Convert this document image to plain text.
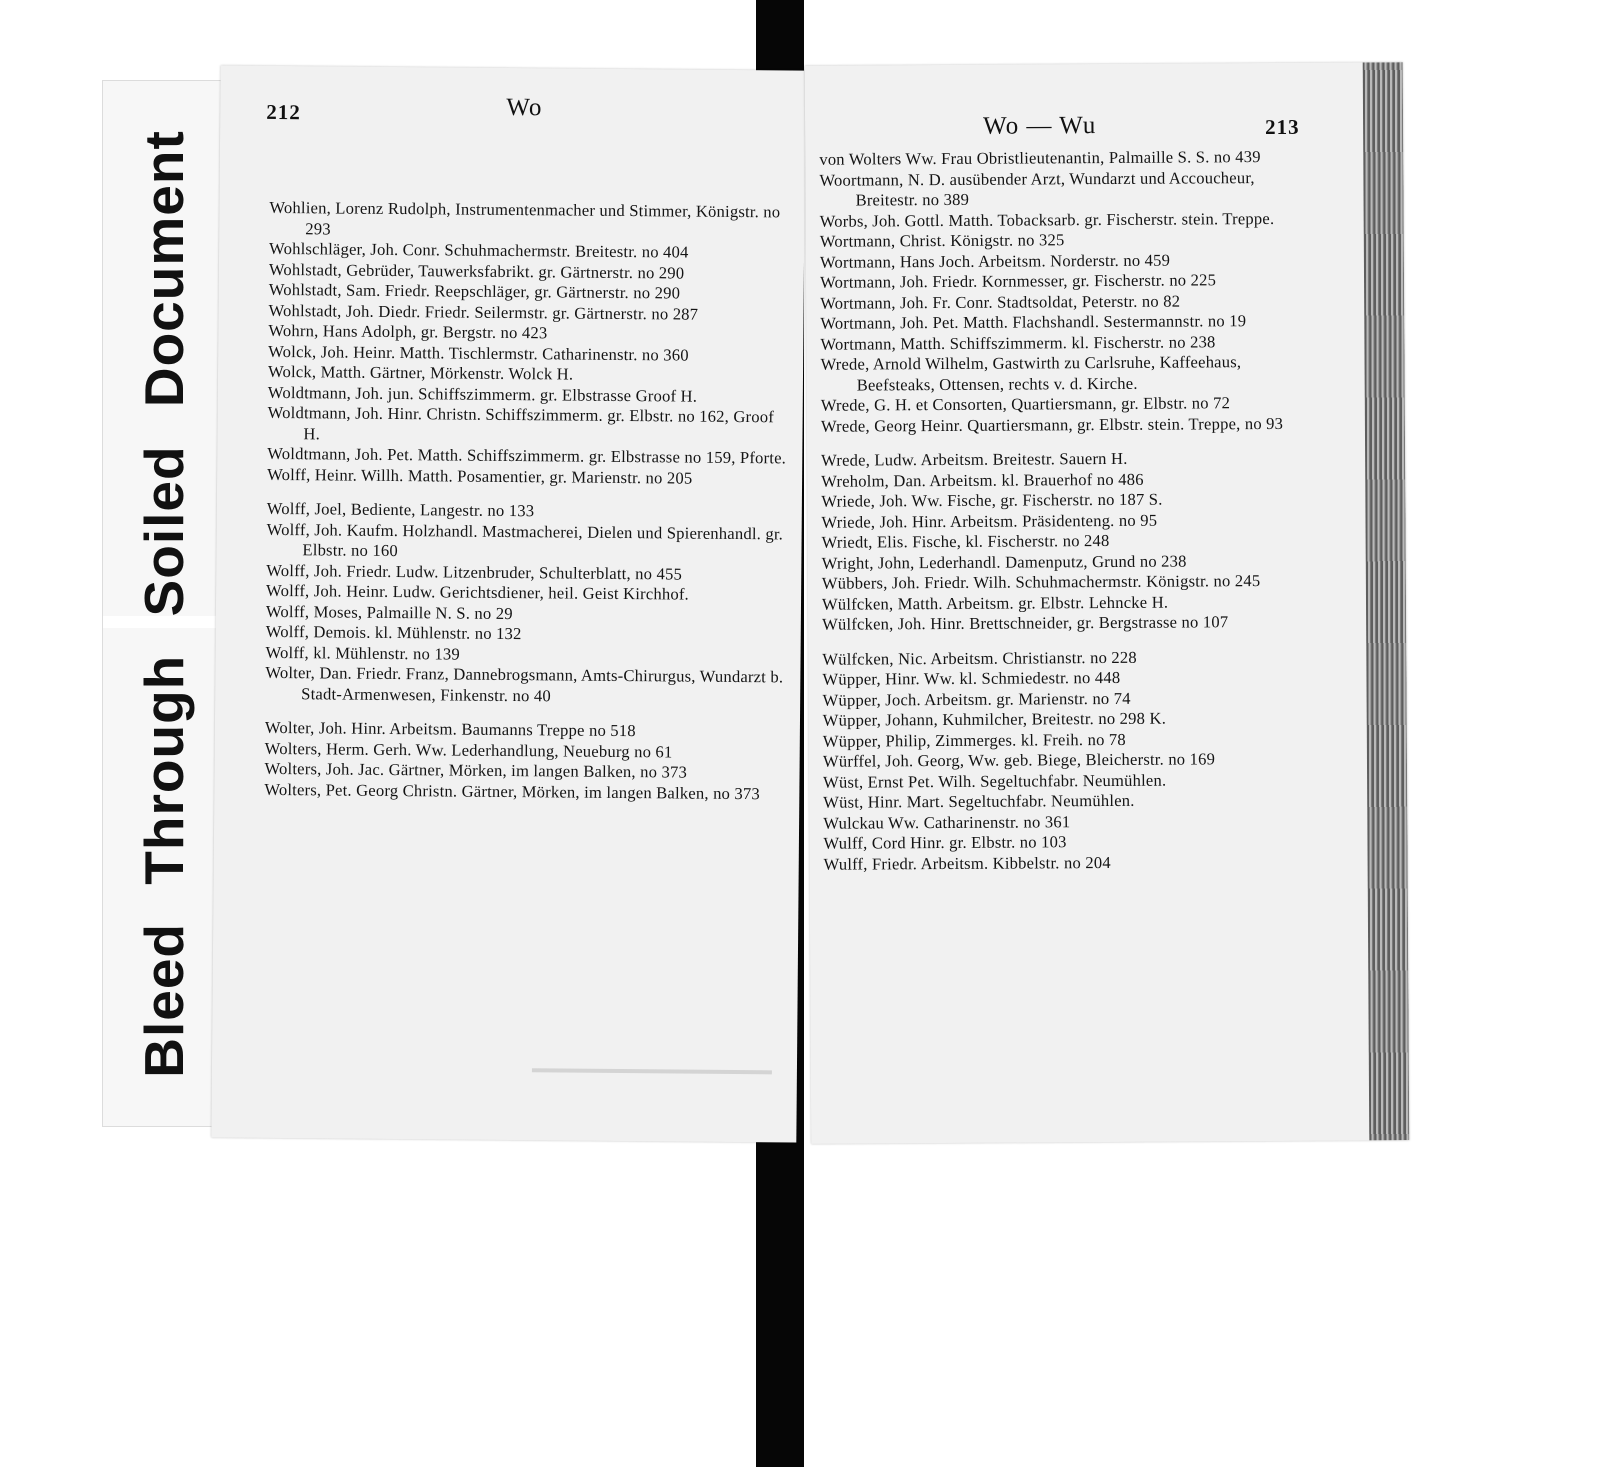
Bleed Through Soiled Document
212	Wo

Wohlien, Lorenz Rudolph, Instrumentenmacher und Stimmer, Königstr. no 293

Wohlschläger, Joh. Conr. Schuhmachermstr. Breitestr. no 404

Wohlstadt, Gebrüder, Tauwerksfabrikt. gr. Gärtnerstr. no 290

Wohlstadt, Sam. Friedr. Reepschläger, gr. Gärtnerstr. no 290

Wohlstadt, Joh. Diedr. Friedr. Seilermstr. gr. Gärtnerstr. no 287

Wohrn, Hans Adolph, gr. Bergstr. no 423

Wolck, Joh. Heinr. Matth. Tischlermstr. Catharinenstr. no 360

Wolck, Matth. Gärtner, Mörkenstr. Wolck H.

Woldtmann, Joh. jun. Schiffszimmerm. gr. Elbstrasse Groof H.

Woldtmann, Joh. Hinr. Christn. Schiffszimmerm. gr. Elbstr. no 162, Groof H.

Woldtmann, Joh. Pet. Matth. Schiffszimmerm. gr. Elbstrasse no 159, Pforte.

Wolff, Heinr. Willh. Matth. Posamentier, gr. Marienstr. no 205

Wolff, Joel, Bediente, Langestr. no 133

Wolff, Joh. Kaufm. Holzhandl. Mastmacherei, Dielen und Spierenhandl. gr. Elbstr. no 160

Wolff, Joh. Friedr. Ludw. Litzenbruder, Schulterblatt, no 455

Wolff, Joh. Heinr. Ludw. Gerichtsdiener, heil. Geist Kirchhof.

Wolff, Moses, Palmaille N. S. no 29

Wolff, Demois. kl. Mühlenstr. no 132

Wolff, kl. Mühlenstr. no 139

Wolter, Dan. Friedr. Franz, Dannebrogsmann, Amts-Chirurgus, Wundarzt b. Stadt-Armenwesen, Finkenstr. no 40

Wolter, Joh. Hinr. Arbeitsm. Baumanns Treppe no 518

Wolters, Herm. Gerh. Ww. Lederhandlung, Neueburg no 61

Wolters, Joh. Jac. Gärtner, Mörken, im langen Balken, no 373

Wolters, Pet. Georg Christn. Gärtner, Mörken, im langen Balken, no 373

Wo — Wu	213

von Wolters Ww. Frau Obristlieutenantin, Palmaille S. S. no 439

Woortmann, N. D. ausübender Arzt, Wundarzt und Accoucheur, Breitestr. no 389

Worbs, Joh. Gottl. Matth. Tobacksarb. gr. Fischerstr. stein. Treppe.

Wortmann, Christ. Königstr. no 325

Wortmann, Hans Joch. Arbeitsm. Norderstr. no 459

Wortmann, Joh. Friedr. Kornmesser, gr. Fischerstr. no 225

Wortmann, Joh. Fr. Conr. Stadtsoldat, Peterstr. no 82

Wortmann, Joh. Pet. Matth. Flachshandl. Sestermannstr. no 19

Wortmann, Matth. Schiffszimmerm. kl. Fischerstr. no 238

Wrede, Arnold Wilhelm, Gastwirth zu Carlsruhe, Kaffeehaus, Beefsteaks, Ottensen, rechts v. d. Kirche.

Wrede, G. H. et Consorten, Quartiersmann, gr. Elbstr. no 72

Wrede, Georg Heinr. Quartiersmann, gr. Elbstr. stein. Treppe, no 93

Wrede, Ludw. Arbeitsm. Breitestr. Sauern H.

Wreholm, Dan. Arbeitsm. kl. Brauerhof no 486

Wriede, Joh. Ww. Fische, gr. Fischerstr. no 187 S.

Wriede, Joh. Hinr. Arbeitsm. Präsidenteng. no 95

Wriedt, Elis. Fische, kl. Fischerstr. no 248

Wright, John, Lederhandl. Damenputz, Grund no 238

Wübbers, Joh. Friedr. Wilh. Schuhmachermstr. Königstr. no 245

Wülfcken, Matth. Arbeitsm. gr. Elbstr. Lehncke H.

Wülfcken, Joh. Hinr. Brettschneider, gr. Bergstrasse no 107

Wülfcken, Nic. Arbeitsm. Christianstr. no 228

Wüpper, Hinr. Ww. kl. Schmiedestr. no 448

Wüpper, Joch. Arbeitsm. gr. Marienstr. no 74

Wüpper, Johann, Kuhmilcher, Breitestr. no 298 K.

Wüpper, Philip, Zimmerges. kl. Freih. no 78

Würffel, Joh. Georg, Ww. geb. Biege, Bleicherstr. no 169

Wüst, Ernst Pet. Wilh. Segeltuchfabr. Neumühlen.

Wüst, Hinr. Mart. Segeltuchfabr. Neumühlen.

Wulckau Ww. Catharinenstr. no 361

Wulff, Cord Hinr. gr. Elbstr. no 103

Wulff, Friedr. Arbeitsm. Kibbelstr. no 204
